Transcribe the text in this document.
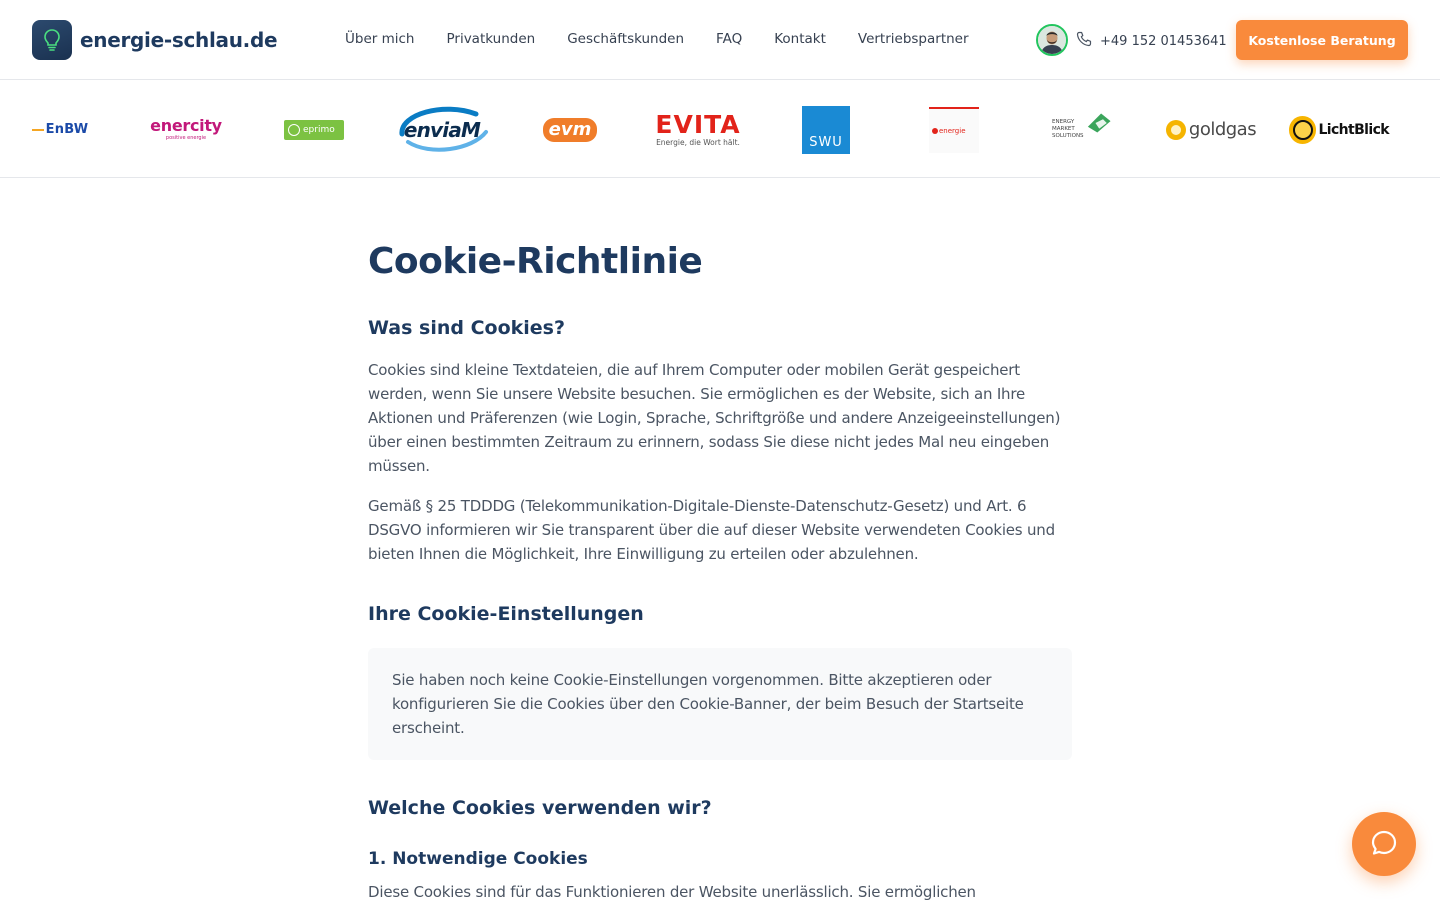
energie-schlau.de	Über mich Privatkunden Geschäftskunden FAQ Kontakt Vertriebspartner	+49 152 01453641	Kostenlose Beratung
EnBW	enercity
positive energie
eprimo	enviaM	evm	EVITA
Energie, die Wort hält.	SWU
energie
ENERGY
MARKET
SOLUTIONS	goldgas	LichtBlick
Cookie-Richtlinie
Was sind Cookies?

Cookies sind kleine Textdateien, die auf Ihrem Computer oder mobilen Gerät gespeichert werden, wenn Sie unsere Website besuchen. Sie ermöglichen es der Website, sich an Ihre Aktionen und Präferenzen (wie Login, Sprache, Schriftgröße und andere Anzeigeeinstellungen) über einen bestimmten Zeitraum zu erinnern, sodass Sie diese nicht jedes Mal neu eingeben müssen.

Gemäß § 25 TDDDG (Telekommunikation-Digitale-Dienste-Datenschutz-Gesetz) und Art. 6 DSGVO informieren wir Sie transparent über die auf dieser Website verwendeten Cookies und bieten Ihnen die Möglichkeit, Ihre Einwilligung zu erteilen oder abzulehnen.

Ihre Cookie-Einstellungen

Sie haben noch keine Cookie-Einstellungen vorgenommen. Bitte akzeptieren oder konfigurieren Sie die Cookies über den Cookie-Banner, der beim Besuch der Startseite erscheint.

Welche Cookies verwenden wir?
1. Notwendige Cookies

Diese Cookies sind für das Funktionieren der Website unerlässlich. Sie ermöglichen
